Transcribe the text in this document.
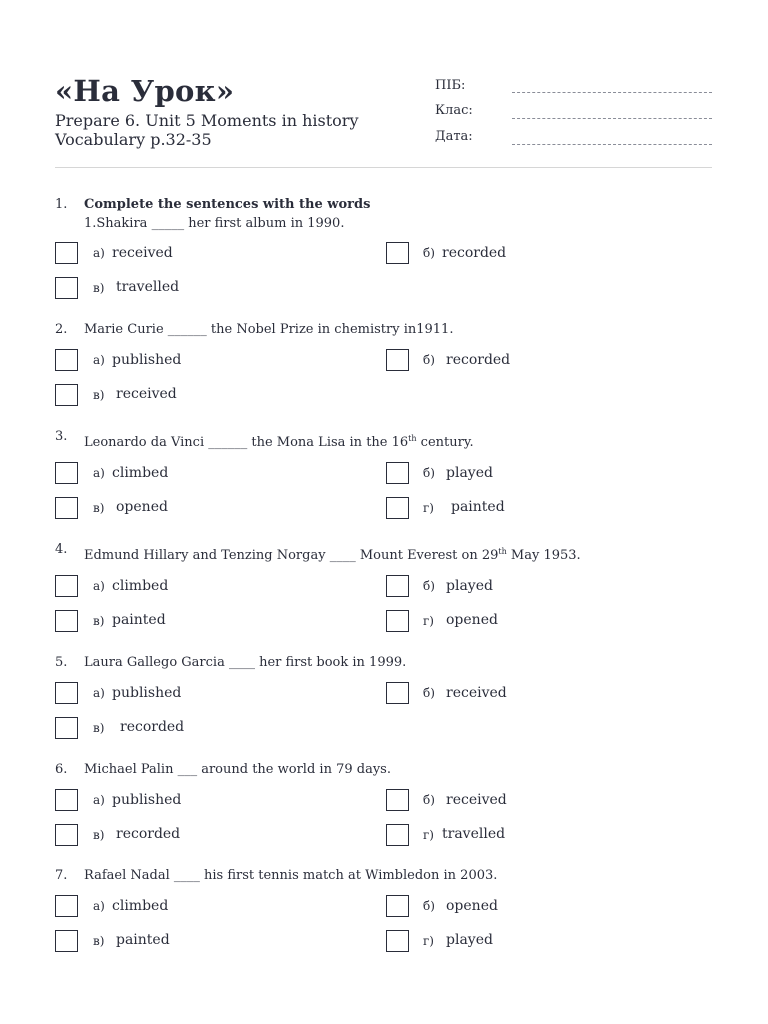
«На Урок»
Prepare 6. Unit 5 Moments in history
Vocabulary p.32-35
ПІБ:
Клас:
Дата:
1. Complete the sentences with the words
1.Shakira _____ her first album in 1990.
а) received	б) recorded
в) travelled
2. Marie Curie ______ the Nobel Prize in chemistry in1911.
а) published	б) recorded
в) received
3. Leonardo da Vinci ______ the Mona Lisa in the 16th century.
а) climbed	б) played
в) opened	г) painted
4. Edmund Hillary and Tenzing Norgay ____ Mount Everest on 29th May 1953.
а) climbed	б) played
в) painted	г) opened
5. Laura Gallego Garcia ____ her first book in 1999.
а) published	б) received
в) recorded
6. Michael Palin ___ around the world in 79 days.
а) published	б) received
в) recorded	г) travelled
7. Rafael Nadal ____ his first tennis match at Wimbledon in 2003.
а) climbed	б) opened
в) painted	г) played
